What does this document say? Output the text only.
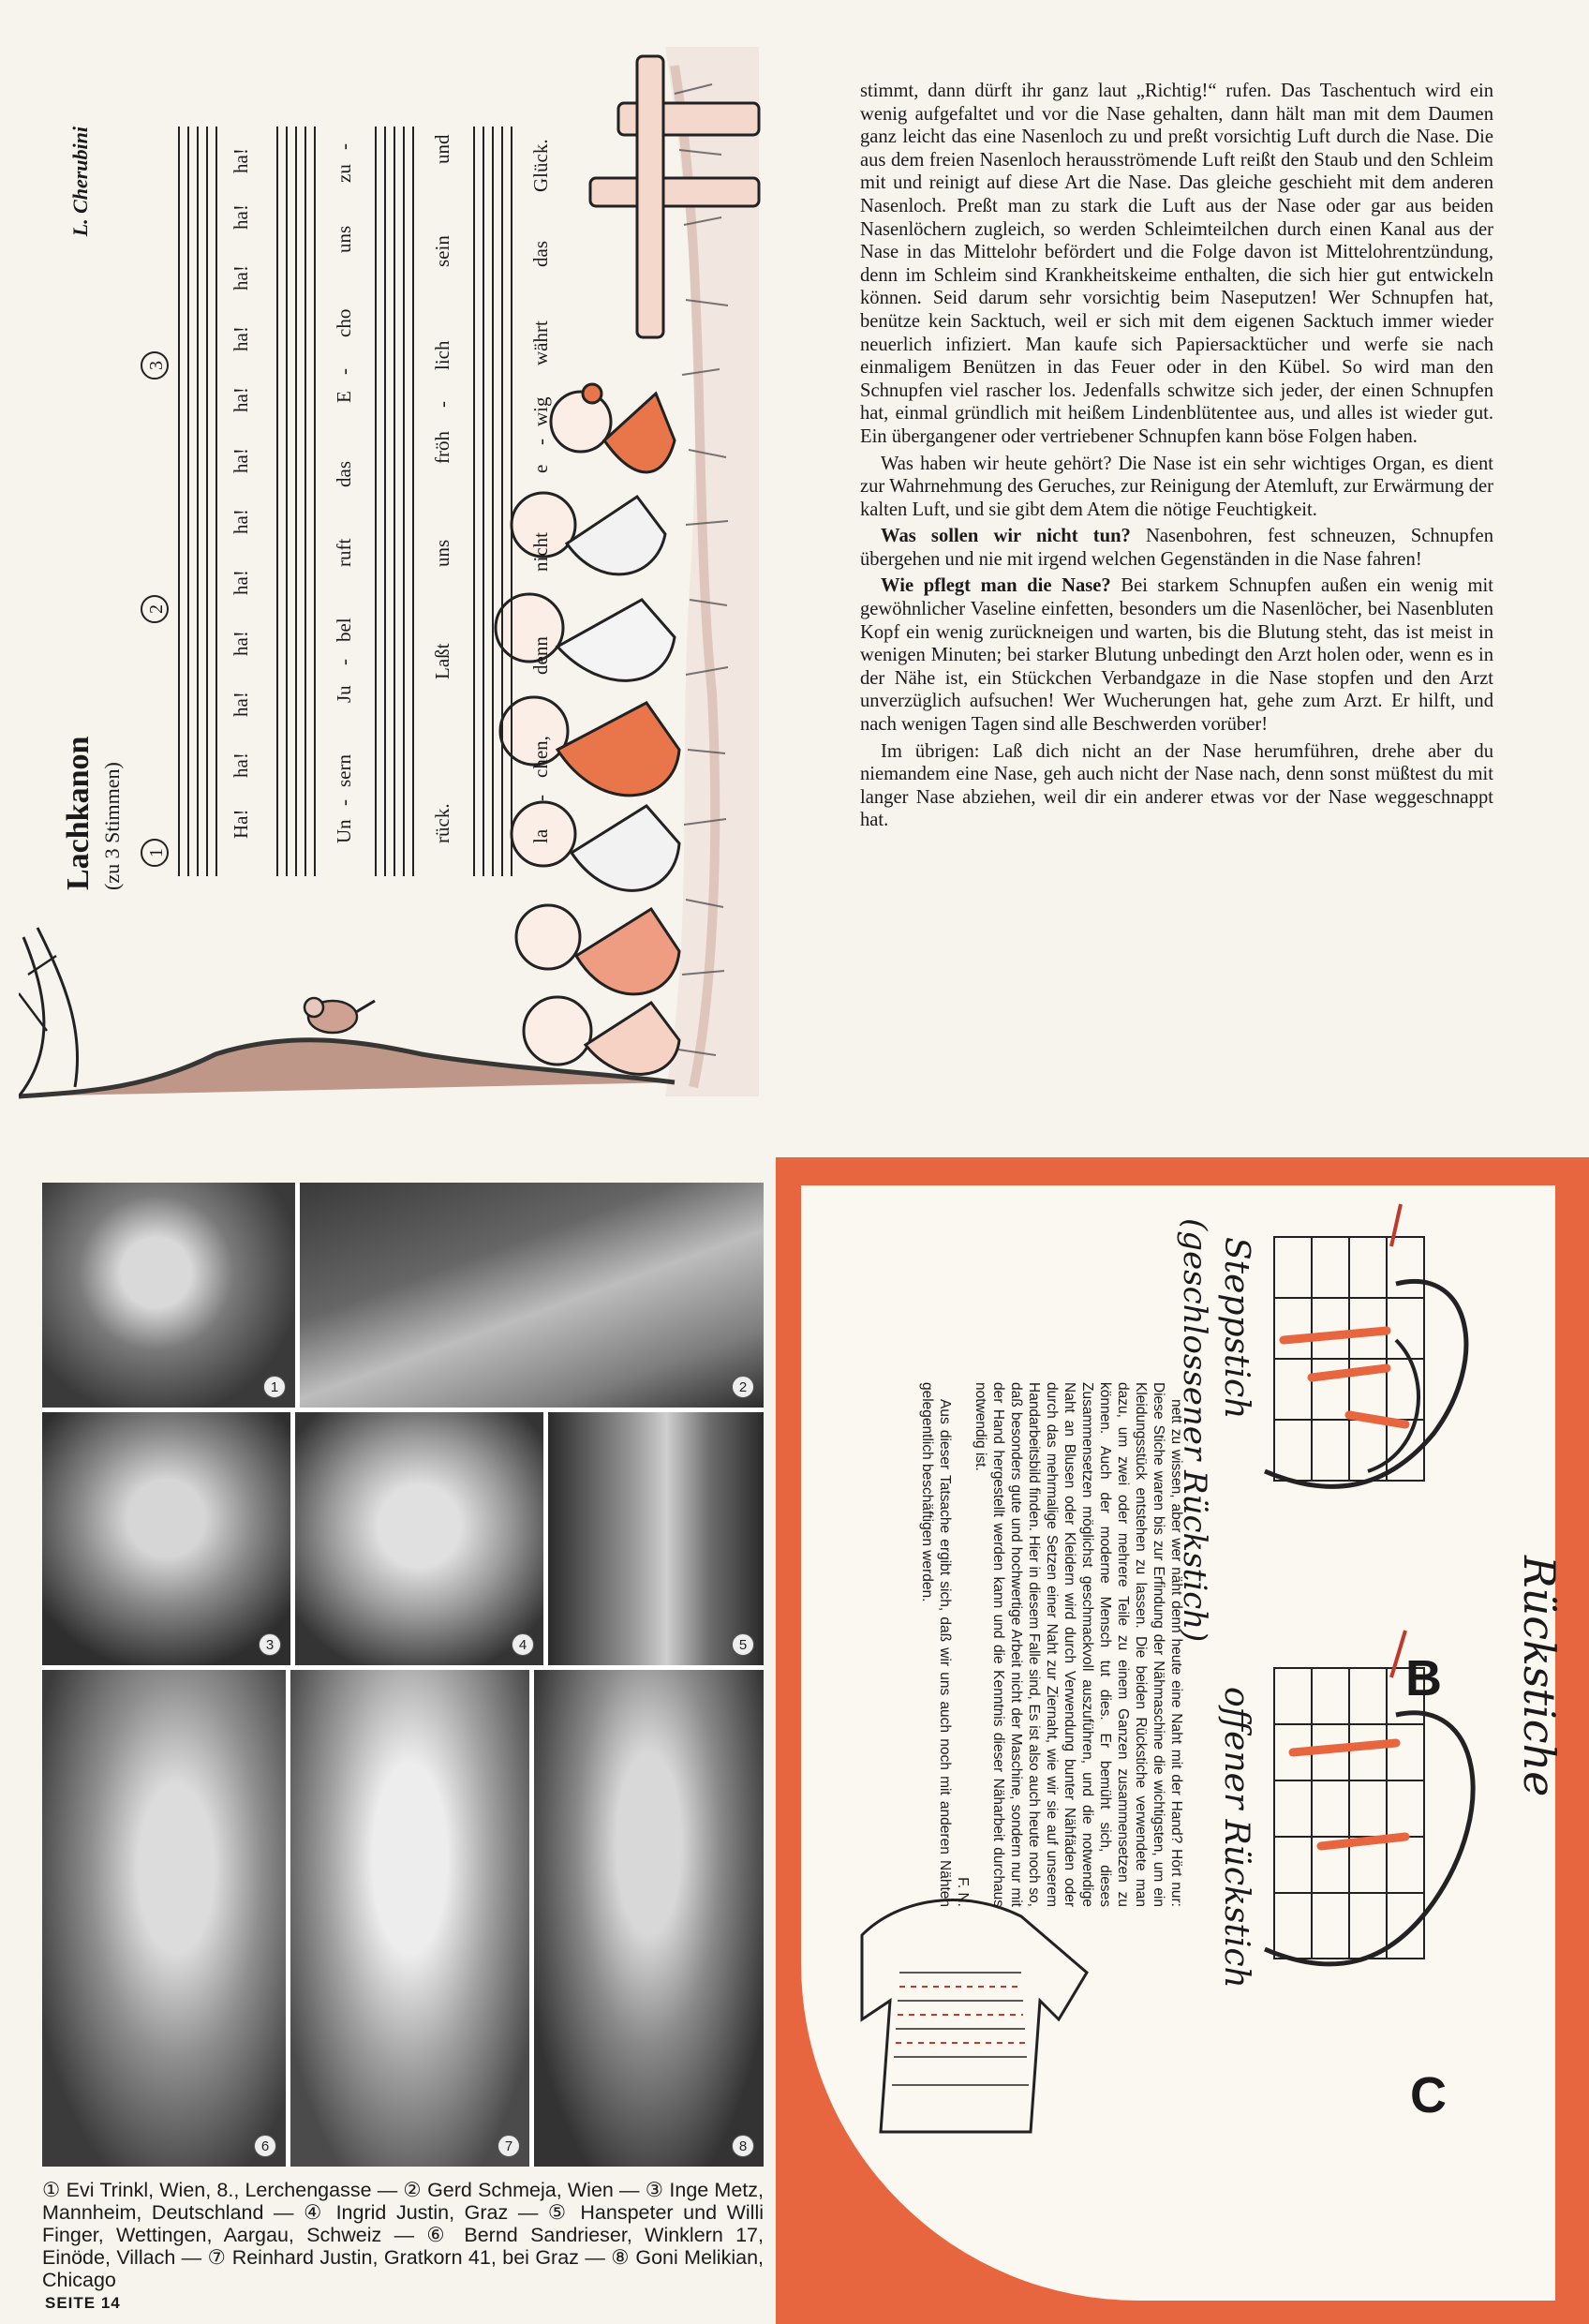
Lachkanon (zu 3 Stimmen)
L. Cherubini
1
2
3
Ha!
ha!
ha!
ha!
ha!
ha!
ha!
ha!
ha!
ha!
ha!
ha!
Un
-
sern
Ju
-
bel
ruft
das
E
-
cho
uns
zu
-
rück.
Laßt
uns
fröh
-
lich
sein
und
la
-
chen,
denn
nicht
e
-
wig
währt
das
Glück.

stimmt, dann dürft ihr ganz laut „Richtig!“ rufen. Das Taschentuch wird ein wenig aufgefaltet und vor die Nase gehalten, dann hält man mit dem Daumen ganz leicht das eine Nasenloch zu und preßt vorsichtig Luft durch die Nase. Die aus dem freien Nasenloch herausströmende Luft reißt den Staub und den Schleim mit und reinigt auf diese Art die Nase. Das gleiche geschieht mit dem anderen Nasenloch. Preßt man zu stark die Luft aus der Nase oder gar aus beiden Nasenlöchern zugleich, so werden Schleimteilchen durch einen Kanal aus der Nase in das Mittelohr befördert und die Folge davon ist Mittelohrentzündung, denn im Schleim sind Krankheitskeime enthalten, die sich hier gut entwickeln können. Seid darum sehr vorsichtig beim Naseputzen! Wer Schnupfen hat, benütze kein Sacktuch, weil er sich mit dem eigenen Sacktuch immer wieder neuerlich infiziert. Man kaufe sich Papiersacktücher und werfe sie nach einmaligem Benützen in das Feuer oder in den Kübel. So wird man den Schnupfen viel rascher los. Jedenfalls schwitze sich jeder, der einen Schnupfen hat, einmal gründlich mit heißem Lindenblütentee aus, und alles ist wieder gut. Ein übergangener oder vertriebener Schnupfen kann böse Folgen haben.

Was haben wir heute gehört? Die Nase ist ein sehr wichtiges Organ, es dient zur Wahrnehmung des Geruches, zur Reinigung der Atemluft, zur Erwärmung der kalten Luft, und sie gibt dem Atem die nötige Feuchtigkeit.

Was sollen wir nicht tun? Nasenbohren, fest schneuzen, Schnupfen übergehen und nie mit irgend welchen Gegenständen in die Nase fahren!

Wie pflegt man die Nase? Bei starkem Schnupfen außen ein wenig mit gewöhnlicher Vaseline einfetten, besonders um die Nasenlöcher, bei Nasenbluten Kopf ein wenig zurückneigen und warten, bis die Blutung steht, das ist meist in wenigen Minuten; bei starker Blutung unbedingt den Arzt holen oder, wenn es in der Nähe ist, ein Stückchen Verbandgaze in die Nase stopfen und den Arzt unverzüglich aufsuchen! Wer Wucherungen hat, gehe zum Arzt. Er hilft, und nach wenigen Tagen sind alle Beschwerden vorüber!

Im übrigen: Laß dich nicht an der Nase herumführen, drehe aber du niemandem eine Nase, geh auch nicht der Nase nach, denn sonst müßtest du mit langer Nase abziehen, weil dir ein anderer etwas vor der Nase weggeschnappt hat.

1	2
3	4	5
6	7	8
① Evi Trinkl, Wien, 8., Lerchengasse — ② Gerd Schmeja, Wien — ③ Inge Metz, Mannheim, Deutschland — ④ Ingrid Justin, Graz — ⑤ Hanspeter und Willi Finger, Wettingen, Aargau, Schweiz — ⑥ Bernd Sandrieser, Winklern 17, Einöde, Villach — ⑦ Reinhard Justin, Gratkorn 41, bei Graz — ⑧ Goni Melikian, Chicago
SEITE 14
B
C
Rückstiche
Steppstich
(geschlossener Rückstich)
offener Rückstich

nett zu wissen, aber wer näht denn heute eine Naht mit der Hand? Hört nur: Diese Stiche waren bis zur Erfindung der Nähmaschine die wichtigsten, um ein Kleidungsstück entstehen zu lassen. Die beiden Rückstiche verwendete man dazu, um zwei oder mehrere Teile zu einem Ganzen zusammensetzen zu können. Auch der moderne Mensch tut dies. Er bemüht sich, dieses Zusammensetzen möglichst geschmackvoll auszuführen, und die notwendige Naht an Blusen oder Kleidern wird durch Verwendung bunter Nähfäden oder durch das mehrmalige Setzen einer Naht zur Ziernaht, wie wir sie auf unserem Handarbeitsbild finden. Hier in diesem Falle sind, Es ist also auch heute noch so, daß besonders gute und hochwertige Arbeit nicht der Maschine, sondern nur mit der Hand hergestellt werden kann und die Kenntnis dieser Näharbeit durchaus notwendig ist.

F. N.

Aus dieser Tatsache ergibt sich, daß wir uns auch noch mit anderen Nähten gelegentlich beschäftigen werden.
